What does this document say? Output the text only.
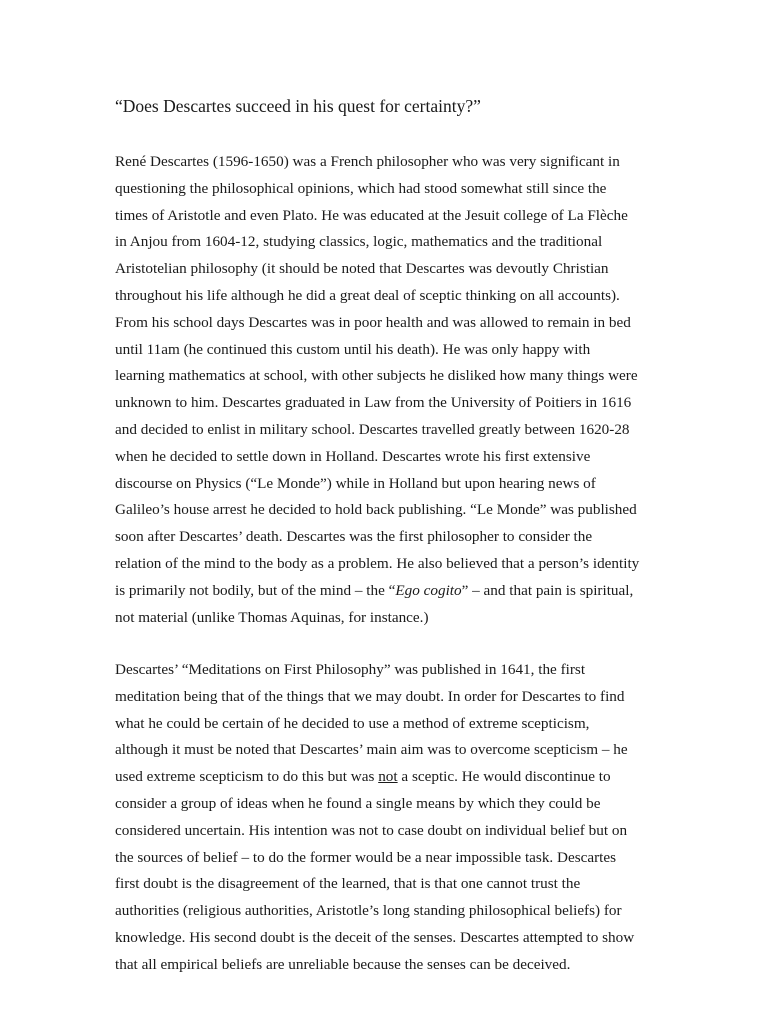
“Does Descartes succeed in his quest for certainty?”
René Descartes (1596-1650) was a French philosopher who was very significant in
questioning the philosophical opinions, which had stood somewhat still since the
times of Aristotle and even Plato. He was educated at the Jesuit college of La Flèche
in Anjou from 1604-12, studying classics, logic, mathematics and the traditional
Aristotelian philosophy (it should be noted that Descartes was devoutly Christian
throughout his life although he did a great deal of sceptic thinking on all accounts).
From his school days Descartes was in poor health and was allowed to remain in bed
until 11am (he continued this custom until his death). He was only happy with
learning mathematics at school, with other subjects he disliked how many things were
unknown to him. Descartes graduated in Law from the University of Poitiers in 1616
and decided to enlist in military school. Descartes travelled greatly between 1620-28
when he decided to settle down in Holland. Descartes wrote his first extensive
discourse on Physics (“Le Monde”) while in Holland but upon hearing news of
Galileo’s house arrest he decided to hold back publishing. “Le Monde” was published
soon after Descartes’ death. Descartes was the first philosopher to consider the
relation of the mind to the body as a problem. He also believed that a person’s identity
is primarily not bodily, but of the mind – the “Ego cogito” – and that pain is spiritual,
not material (unlike Thomas Aquinas, for instance.)
Descartes’ “Meditations on First Philosophy” was published in 1641, the first
meditation being that of the things that we may doubt. In order for Descartes to find
what he could be certain of he decided to use a method of extreme scepticism,
although it must be noted that Descartes’ main aim was to overcome scepticism – he
used extreme scepticism to do this but was not a sceptic. He would discontinue to
consider a group of ideas when he found a single means by which they could be
considered uncertain. His intention was not to case doubt on individual belief but on
the sources of belief – to do the former would be a near impossible task. Descartes
first doubt is the disagreement of the learned, that is that one cannot trust the
authorities (religious authorities, Aristotle’s long standing philosophical beliefs) for
knowledge. His second doubt is the deceit of the senses. Descartes attempted to show
that all empirical beliefs are unreliable because the senses can be deceived.
